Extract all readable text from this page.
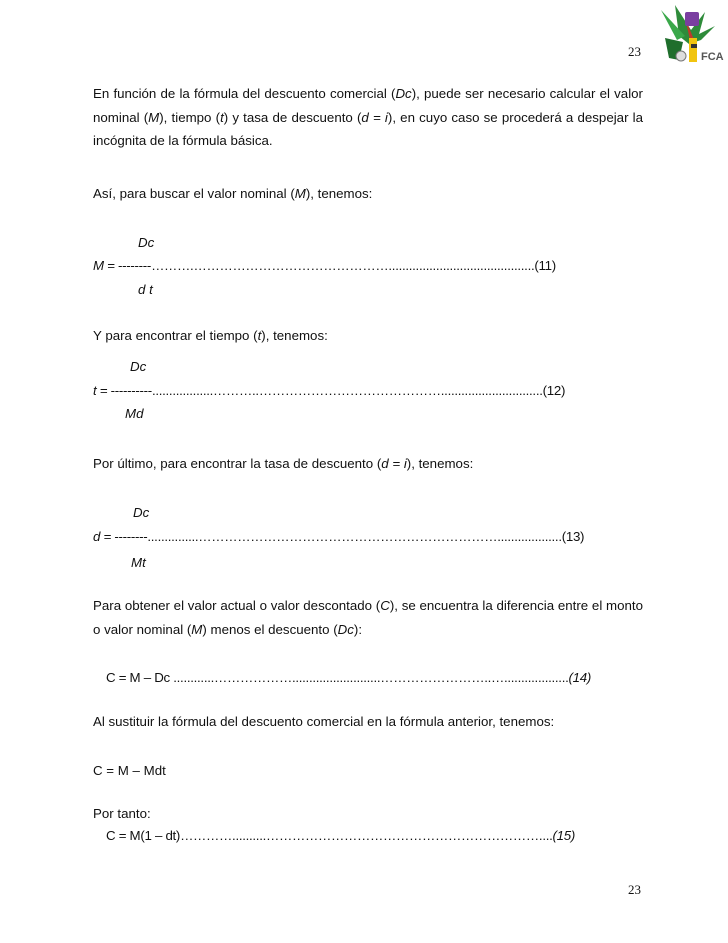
FCA
23
En función de la fórmula del descuento comercial (Dc), puede ser necesario calcular el valor nominal (M), tiempo (t) y tasa de descuento (d = i), en cuyo caso se procederá a despejar la incógnita de la fórmula básica.
Así, para buscar el valor nominal (M), tenemos:
Dc
M = --------……….………………………………………...........................................(11)
d t
Y para encontrar el tiempo (t), tenemos:
Dc
t = ----------..................………..……………………………………..............................(12)
Md
Por último, para encontrar la tasa de descuento (d = i), tenemos:
Dc
d = --------...............……………………………………………………………...................(13)
Mt
Para obtener el valor actual o valor descontado (C), se encuentra la diferencia entre el monto o valor nominal (M) menos el descuento (Dc):
C = M – Dc ............………………..........................……………………..…...................(14)
Al sustituir la fórmula del descuento comercial en la fórmula anterior, tenemos:
C = M – Mdt
Por tanto:
C = M(1 – dt)…………..........………………………………………………………....(15)
23
